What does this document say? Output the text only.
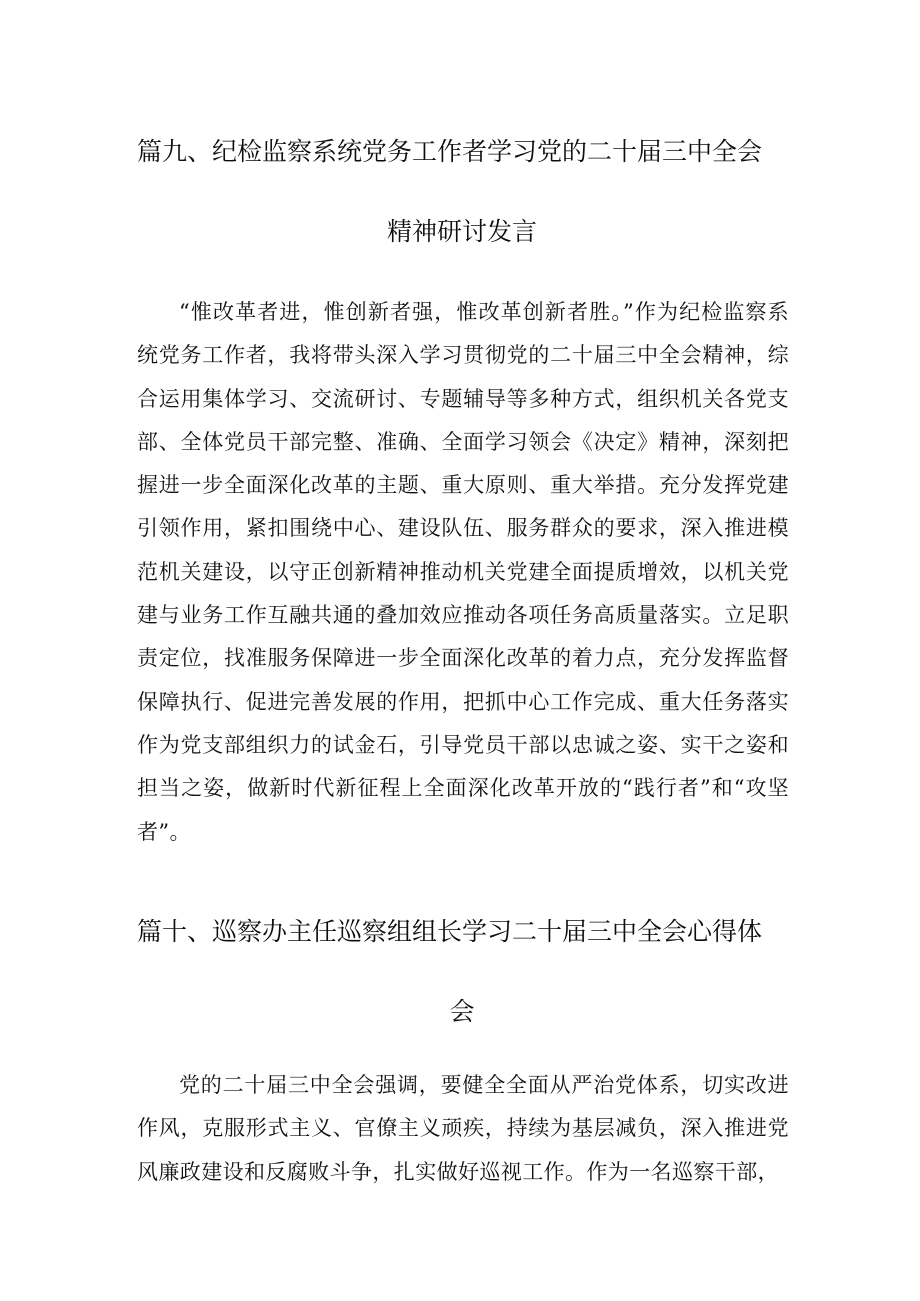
篇九、纪检监察系统党务工作者学习党的二十届三中全会
精神研讨发言

“惟改革者进，惟创新者强，惟改革创新者胜。”作为纪检监察系统党务工作者，我将带头深入学习贯彻党的二十届三中全会精神，综合运用集体学习、交流研讨、专题辅导等多种方式，组织机关各党支部、全体党员干部完整、准确、全面学习领会《决定》精神，深刻把握进一步全面深化改革的主题、重大原则、重大举措。充分发挥党建引领作用，紧扣围绕中心、建设队伍、服务群众的要求，深入推进模范机关建设，以守正创新精神推动机关党建全面提质增效，以机关党建与业务工作互融共通的叠加效应推动各项任务高质量落实。立足职责定位，找准服务保障进一步全面深化改革的着力点，充分发挥监督保障执行、促进完善发展的作用，把抓中心工作完成、重大任务落实作为党支部组织力的试金石，引导党员干部以忠诚之姿、实干之姿和担当之姿，做新时代新征程上全面深化改革开放的“践行者”和“攻坚者”。

篇十、巡察办主任巡察组组长学习二十届三中全会心得体
会

党的二十届三中全会强调，要健全全面从严治党体系，切实改进作风，克服形式主义、官僚主义顽疾，持续为基层减负，深入推进党风廉政建设和反腐败斗争，扎实做好巡视工作。作为一名巡察干部，
